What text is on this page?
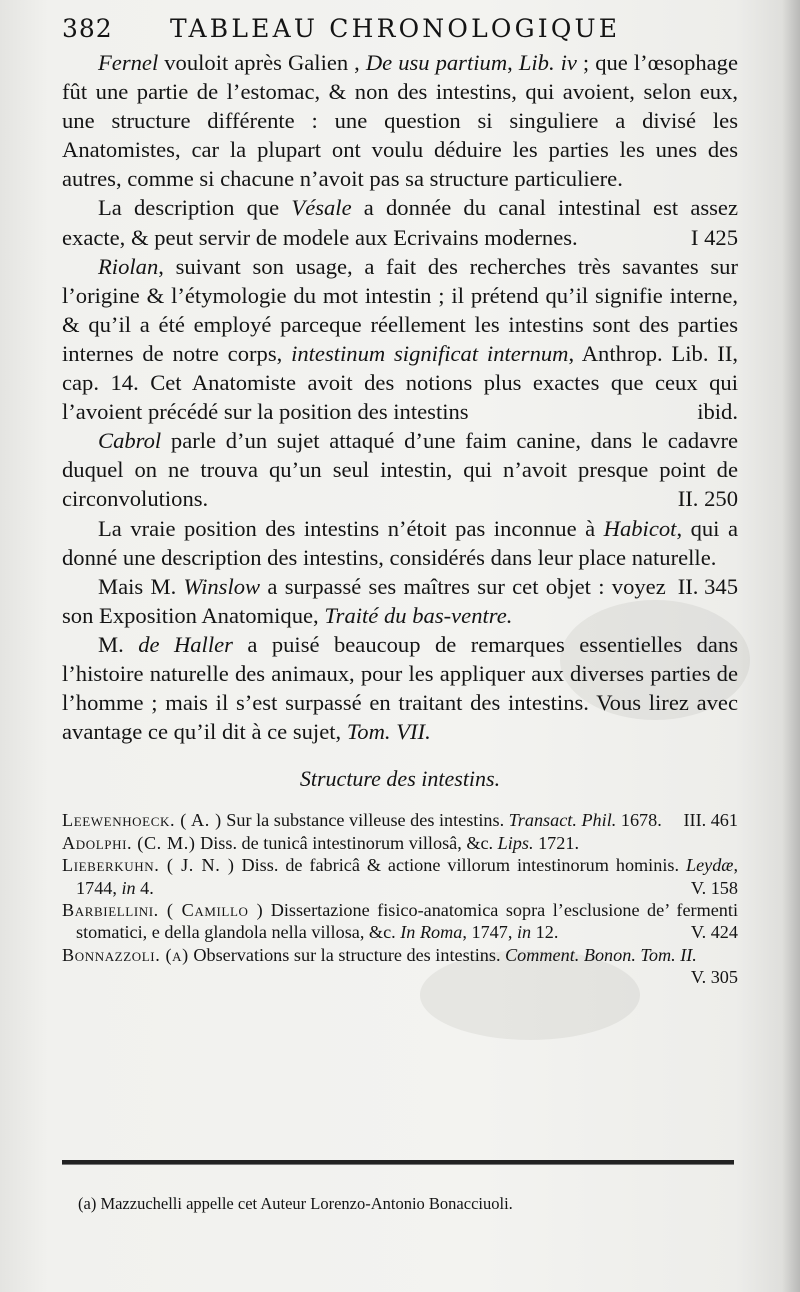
382 TABLEAU CHRONOLOGIQUE

Fernel vouloit après Galien , De usu partium, Lib. iv ; que l’œsophage fût une partie de l’estomac, & non des intestins, qui avoient, selon eux, une structure différente : une question si singuliere a divisé les Anatomistes, car la plupart ont voulu déduire les parties les unes des autres, comme si chacune n’avoit pas sa structure particuliere.

La description que Vésale a donnée du canal intestinal est assez exacte, & peut servir de modele aux Ecrivains modernes.	I 425

Riolan, suivant son usage, a fait des recherches très savantes sur l’origine & l’étymologie du mot intestin ; il prétend qu’il signifie interne, & qu’il a été employé parceque réellement les intestins sont des parties internes de notre corps, intestinum significat internum, Anthrop. Lib. II, cap. 14. Cet Anatomiste avoit des notions plus exactes que ceux qui l’avoient précédé sur la position des intestins	ibid.

Cabrol parle d’un sujet attaqué d’une faim canine, dans le cadavre duquel on ne trouva qu’un seul intestin, qui n’avoit presque point de circonvolutions.	II. 250

La vraie position des intestins n’étoit pas inconnue à Habicot, qui a donné une description des intestins, considérés dans leur place naturelle.
II. 345

Mais M. Winslow a surpassé ses maîtres sur cet objet : voyez son Exposition Anatomique, Traité du bas-ventre.

M. de Haller a puisé beaucoup de remarques essentielles dans l’histoire naturelle des animaux, pour les appliquer aux diverses parties de l’homme ; mais il s’est surpassé en traitant des intestins. Vous lirez avec avantage ce qu’il dit à ce sujet, Tom. VII.

Structure des intestins.
Leewenhoeck. ( A. ) Sur la substance villeuse des intestins. Transact. Phil. 1678. III. 461
Adolphi. (C. M.) Diss. de tunicâ intestinorum villosâ, &c. Lips. 1721.
Lieberkuhn. ( J. N. ) Diss. de fabricâ & actione villorum intestinorum hominis. Leydæ, 1744, in 4.	V. 158
Barbiellini. ( Camillo ) Dissertazione fisico-anatomica sopra l’esclusione de’ fermenti stomatici, e della glandola nella villosa, &c. In Roma, 1747, in 12.	V. 424
Bonnazzoli. (a) Observations sur la structure des intestins. Comment. Bonon. Tom. II.
V. 305
(a) Mazzuchelli appelle cet Auteur Lorenzo-Antonio Bonacciuoli.
